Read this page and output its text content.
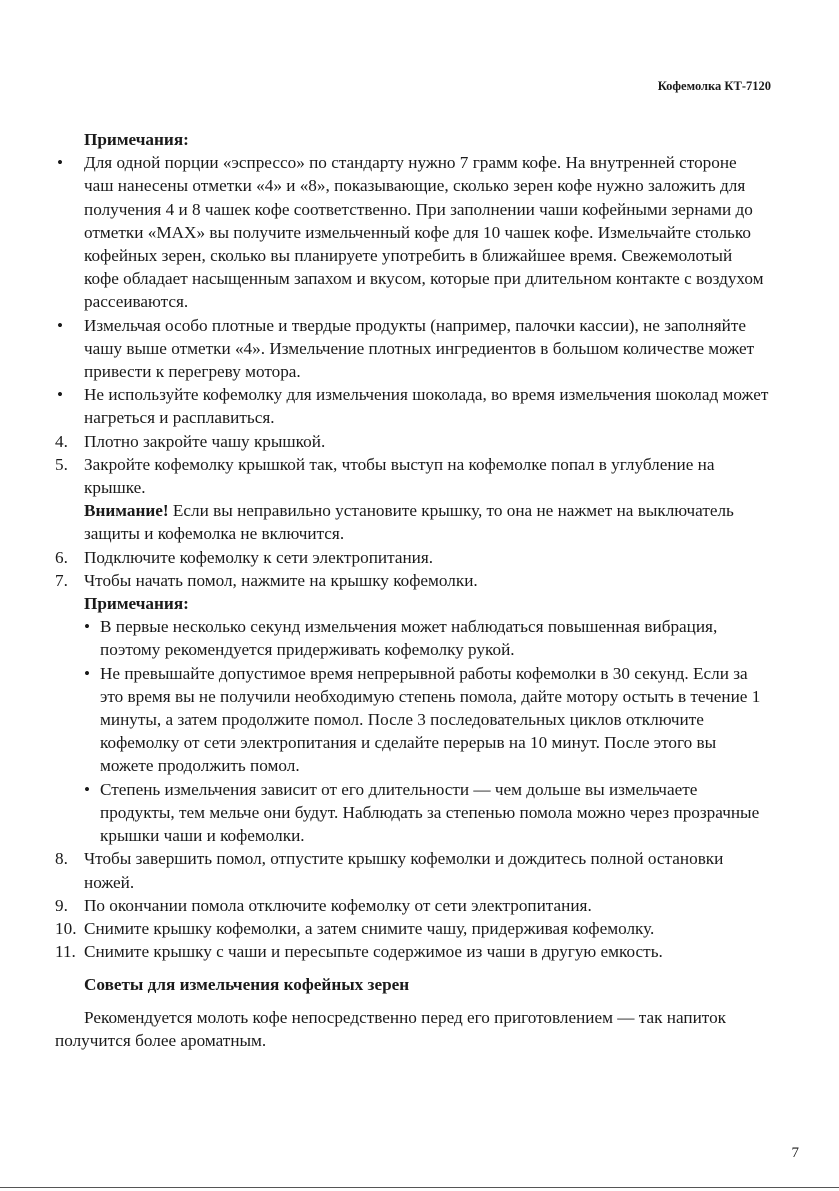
Кофемолка КТ-7120
Примечания:
•	Для одной порции «эспрессо» по стандарту нужно 7 грамм кофе. На внутренней стороне чаш нанесены отметки «4» и «8», показывающие, сколько зерен кофе нужно заложить для получения 4 и 8 чашек кофе соответственно. При заполнении чаши кофейными зернами до отметки «MAX» вы получите измельченный кофе для 10 чашек кофе. Измельчайте столько кофейных зерен, сколько вы планируете употребить в ближайшее время. Свежемолотый кофе обладает насыщенным запахом и вкусом, которые при длительном контакте с воздухом рассеиваются.
•	Измельчая особо плотные и твердые продукты (например, палочки кассии), не заполняйте чашу выше отметки «4». Измельчение плотных ингредиентов в большом количестве может привести к перегреву мотора.
•	Не используйте кофемолку для измельчения шоколада, во время измельчения шоколад может нагреться и расплавиться.
4. Плотно закройте чашу крышкой.
5. Закройте кофемолку крышкой так, чтобы выступ на кофемолке попал в углубление на крышке.
Внимание! Если вы неправильно установите крышку, то она не нажмет на выключатель защиты и кофемолка не включится.
6. Подключите кофемолку к сети электропитания.
7. Чтобы начать помол, нажмите на крышку кофемолки.
Примечания:
• В первые несколько секунд измельчения может наблюдаться повышенная вибрация, поэтому рекомендуется придерживать кофемолку рукой.
• Не превышайте допустимое время непрерывной работы кофемолки в 30 секунд. Если за это время вы не получили необходимую степень помола, дайте мотору остыть в течение 1 минуты, а затем продолжите помол. После 3 последовательных циклов отключите кофемолку от сети электропитания и сделайте перерыв на 10 минут. После этого вы можете продолжить помол.
• Степень измельчения зависит от его длительности — чем дольше вы измельчаете продукты, тем мельче они будут. Наблюдать за степенью помола можно через прозрачные крышки чаши и кофемолки.
8. Чтобы завершить помол, отпустите крышку кофемолки и дождитесь полной остановки ножей.
9. По окончании помола отключите кофемолку от сети электропитания.
10. Снимите крышку кофемолки, а затем снимите чашу, придерживая кофемолку.
11. Снимите крышку с чаши и пересыпьте содержимое из чаши в другую емкость.
Советы для измельчения кофейных зерен
Рекомендуется молоть кофе непосредственно перед его приготовлением — так напиток получится более ароматным.
7
